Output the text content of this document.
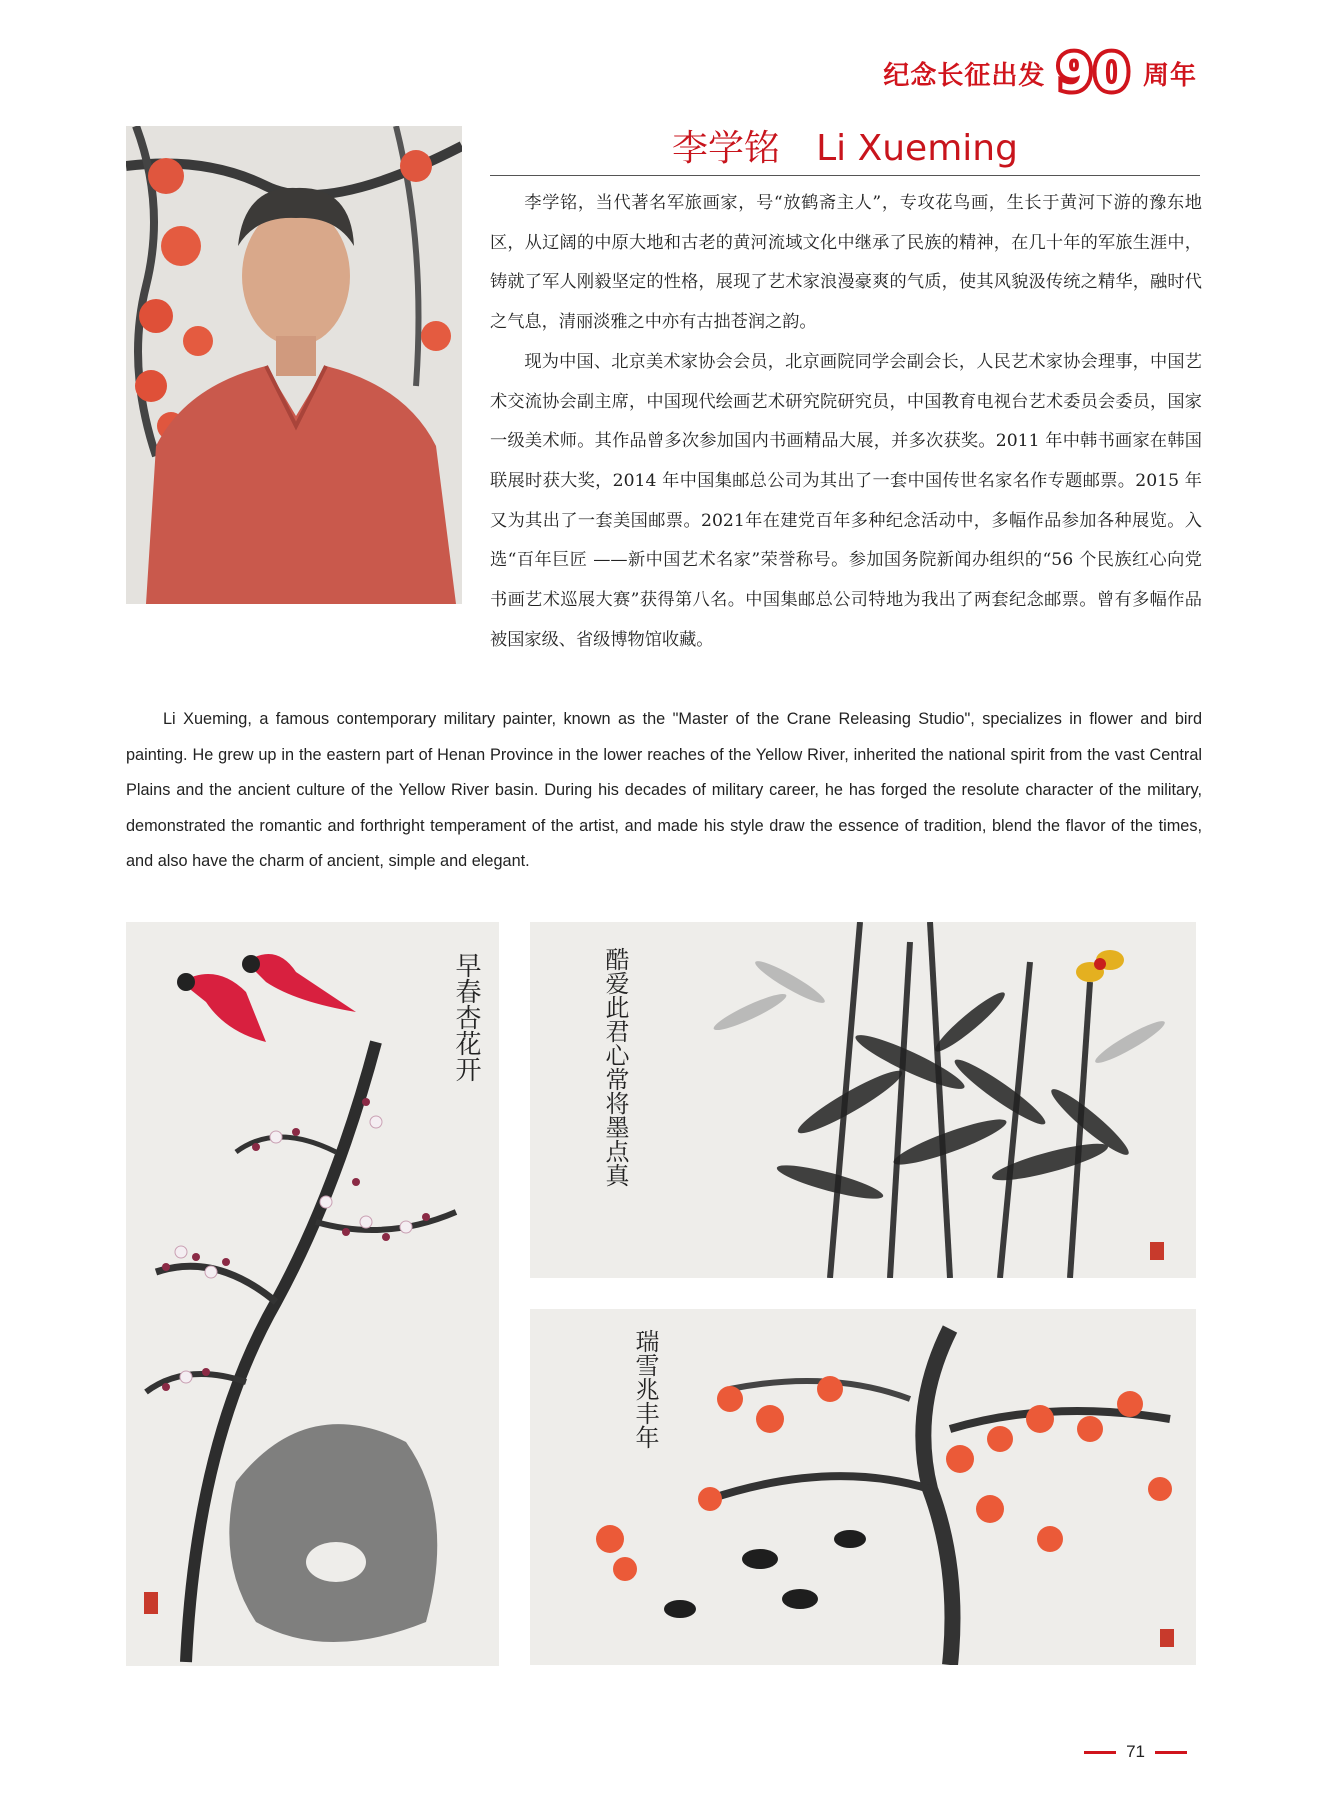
纪念长征出发 90 周年
李学铭 Li Xueming

李学铭，当代著名军旅画家，号“放鹤斋主人”，专攻花鸟画，生长于黄河下游的豫东地区，从辽阔的中原大地和古老的黄河流域文化中继承了民族的精神，在几十年的军旅生涯中，铸就了军人刚毅坚定的性格，展现了艺术家浪漫豪爽的气质，使其风貌汲传统之精华，融时代之气息，清丽淡雅之中亦有古拙苍润之韵。

现为中国、北京美术家协会会员，北京画院同学会副会长，人民艺术家协会理事，中国艺术交流协会副主席，中国现代绘画艺术研究院研究员，中国教育电视台艺术委员会委员，国家一级美术师。其作品曾多次参加国内书画精品大展，并多次获奖。2011 年中韩书画家在韩国联展时获大奖，2014 年中国集邮总公司为其出了一套中国传世名家名作专题邮票。2015 年又为其出了一套美国邮票。2021年在建党百年多种纪念活动中，多幅作品参加各种展览。入选“百年巨匠 ——新中国艺术名家”荣誉称号。参加国务院新闻办组织的“56 个民族红心向党书画艺术巡展大赛”获得第八名。中国集邮总公司特地为我出了两套纪念邮票。曾有多幅作品被国家级、省级博物馆收藏。

Li Xueming, a famous contemporary military painter, known as the "Master of the Crane Releasing Studio", specializes in flower and bird painting. He grew up in the eastern part of Henan Province in the lower reaches of the Yellow River, inherited the national spirit from the vast Central Plains and the ancient culture of the Yellow River basin. During his decades of military career, he has forged the resolute character of the military, demonstrated the romantic and forthright temperament of the artist, and made his style draw the essence of tradition, blend the flavor of the times, and also have the charm of ancient, simple and elegant.

早春杏花开	酷爱此君心常将墨点真
瑞雪兆丰年
71
